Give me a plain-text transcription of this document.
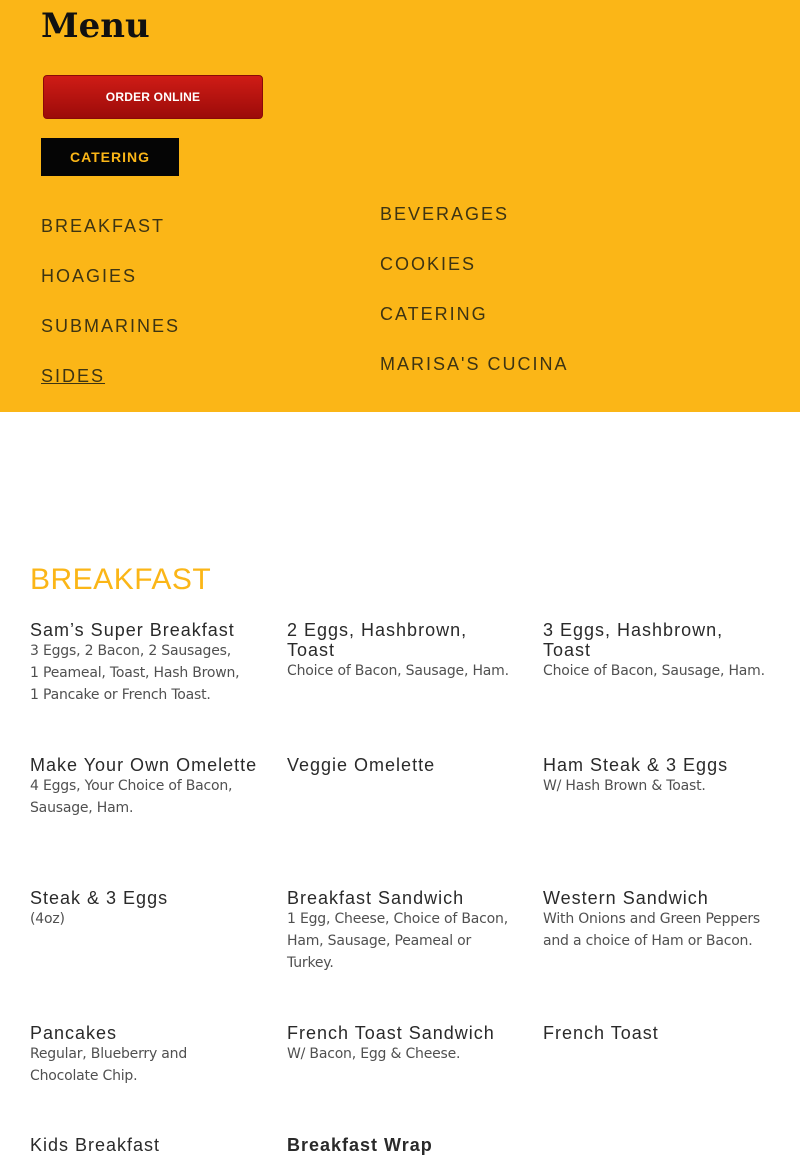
Menu
ORDER ONLINE
CATERING
BREAKFAST
HOAGIES
SUBMARINES
SIDES
BEVERAGES
COOKIES
CATERING
MARISA'S CUCINA
BREAKFAST
Sam’s Super Breakfast

3 Eggs, 2 Bacon, 2 Sausages,
1 Peameal, Toast, Hash Brown,
1 Pancake or French Toast.

2 Eggs, Hashbrown, Toast

Choice of Bacon, Sausage, Ham.

3 Eggs, Hashbrown, Toast

Choice of Bacon, Sausage, Ham.

Make Your Own Omelette

4 Eggs, Your Choice of Bacon,
Sausage, Ham.

Veggie Omelette	Ham Steak & 3 Eggs

W/ Hash Brown & Toast.

Steak & 3 Eggs

(4oz)

Breakfast Sandwich

1 Egg, Cheese, Choice of Bacon,
Ham, Sausage, Peameal or
Turkey.

Western Sandwich

With Onions and Green Peppers
and a choice of Ham or Bacon.

Pancakes

Regular, Blueberry and
Chocolate Chip.

French Toast Sandwich

W/ Bacon, Egg & Cheese.

French Toast

Kids Breakfast	Breakfast Wrap
